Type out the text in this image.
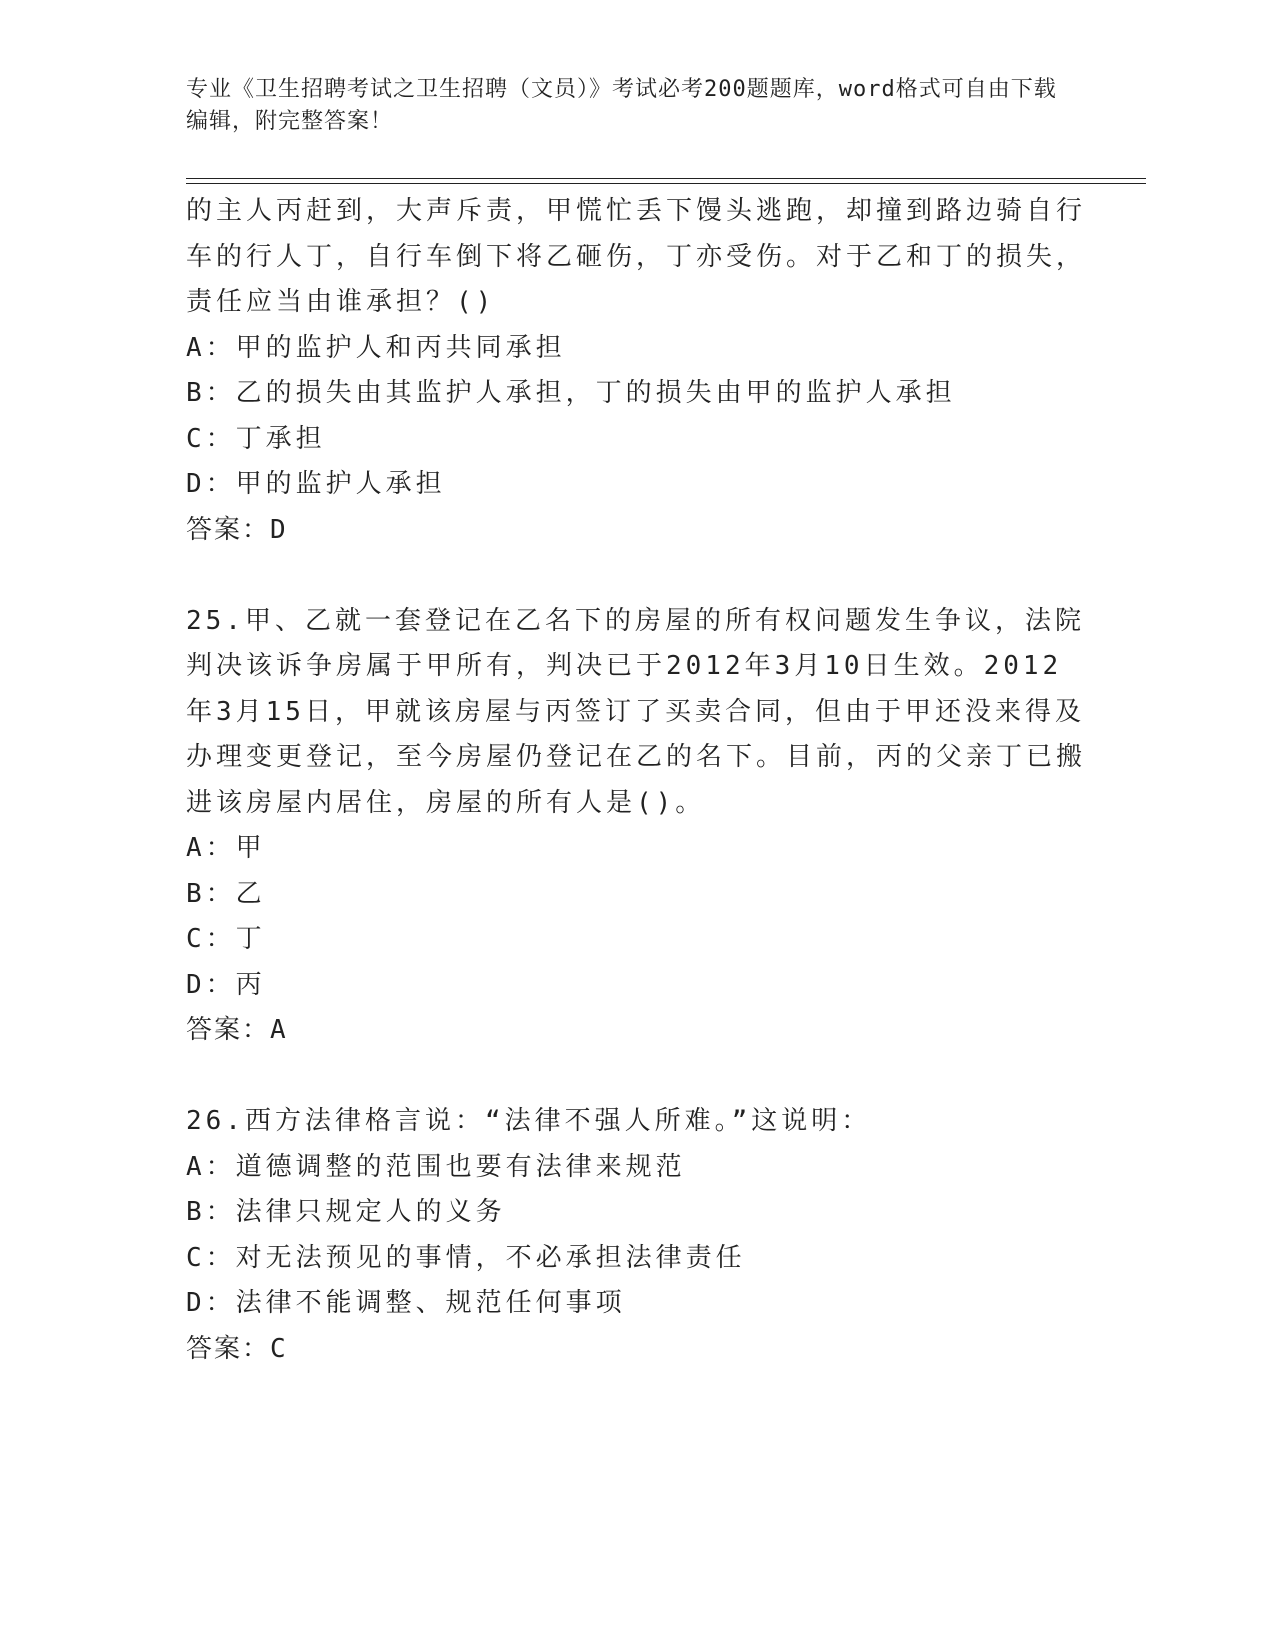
专业《卫生招聘考试之卫生招聘（文员）》考试必考200题题库，word格式可自由下载编辑，附完整答案！

的主人丙赶到，大声斥责，甲慌忙丢下馒头逃跑，却撞到路边骑自行车的行人丁，自行车倒下将乙砸伤，丁亦受伤。对于乙和丁的损失，责任应当由谁承担？()

A：甲的监护人和丙共同承担

B：乙的损失由其监护人承担，丁的损失由甲的监护人承担

C：丁承担

D：甲的监护人承担

答案：D

25.甲、乙就一套登记在乙名下的房屋的所有权问题发生争议，法院判决该诉争房属于甲所有，判决已于2012年3月10日生效。2012年3月15日，甲就该房屋与丙签订了买卖合同，但由于甲还没来得及办理变更登记，至今房屋仍登记在乙的名下。目前，丙的父亲丁已搬进该房屋内居住，房屋的所有人是()。

A：甲

B：乙

C：丁

D：丙

答案：A

26.西方法律格言说：“法律不强人所难。”这说明：

A：道德调整的范围也要有法律来规范

B：法律只规定人的义务

C：对无法预见的事情，不必承担法律责任

D：法律不能调整、规范任何事项

答案：C
